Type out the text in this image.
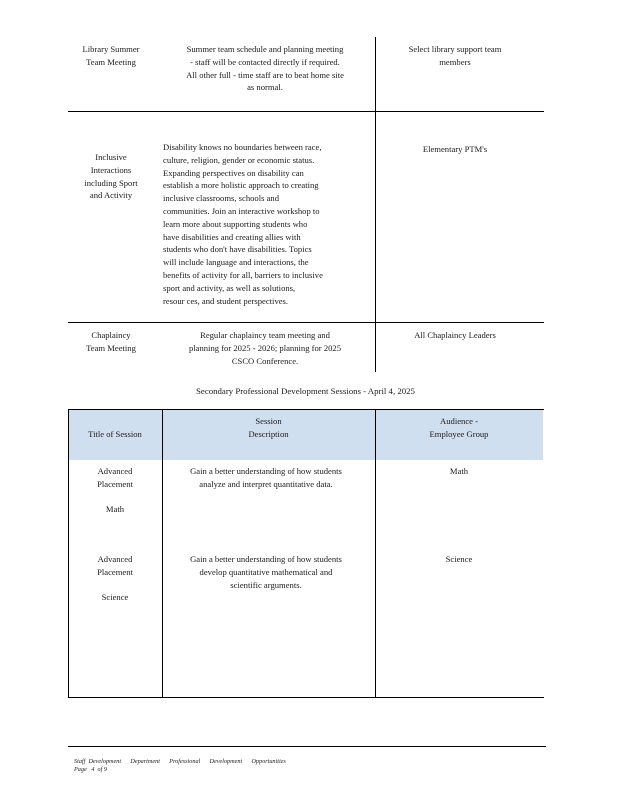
Library Summer
Team Meeting
Summer team schedule and planning meeting
- staff will be contacted directly if required.
All other full - time staff are to beat home site
as normal.
Select library support team
members
Inclusive
Interactions
including Sport
and Activity
Disability knows no boundaries between race,
culture, religion, gender or economic status.
Expanding perspectives on disability can
establish a more holistic approach to creating
inclusive classrooms, schools and
communities. Join an interactive workshop to
learn more about supporting students who
have disabilities and creating allies with
students who don't have disabilities. Topics
will include language and interactions, the
benefits of activity for all, barriers to inclusive
sport and activity, as well as solutions,
resour ces, and student perspectives.
Elementary PTM's
Chaplaincy
Team Meeting
Regular chaplaincy team meeting and
planning for 2025 - 2026; planning for 2025
CSCO Conference.
All Chaplaincy Leaders
Secondary Professional Development Sessions - April 4, 2025
Title of Session
Session
Description
Audience -
Employee Group
Advanced
Placement

Math
Gain a better understanding of how students
analyze and interpret quantitative data.
Math
Advanced
Placement

Science
Gain a better understanding of how students
develop quantitative mathematical and
scientific arguments.
Science
Staff  Development      Department      Professional      Development      Opportunities
Page   4  of 9
